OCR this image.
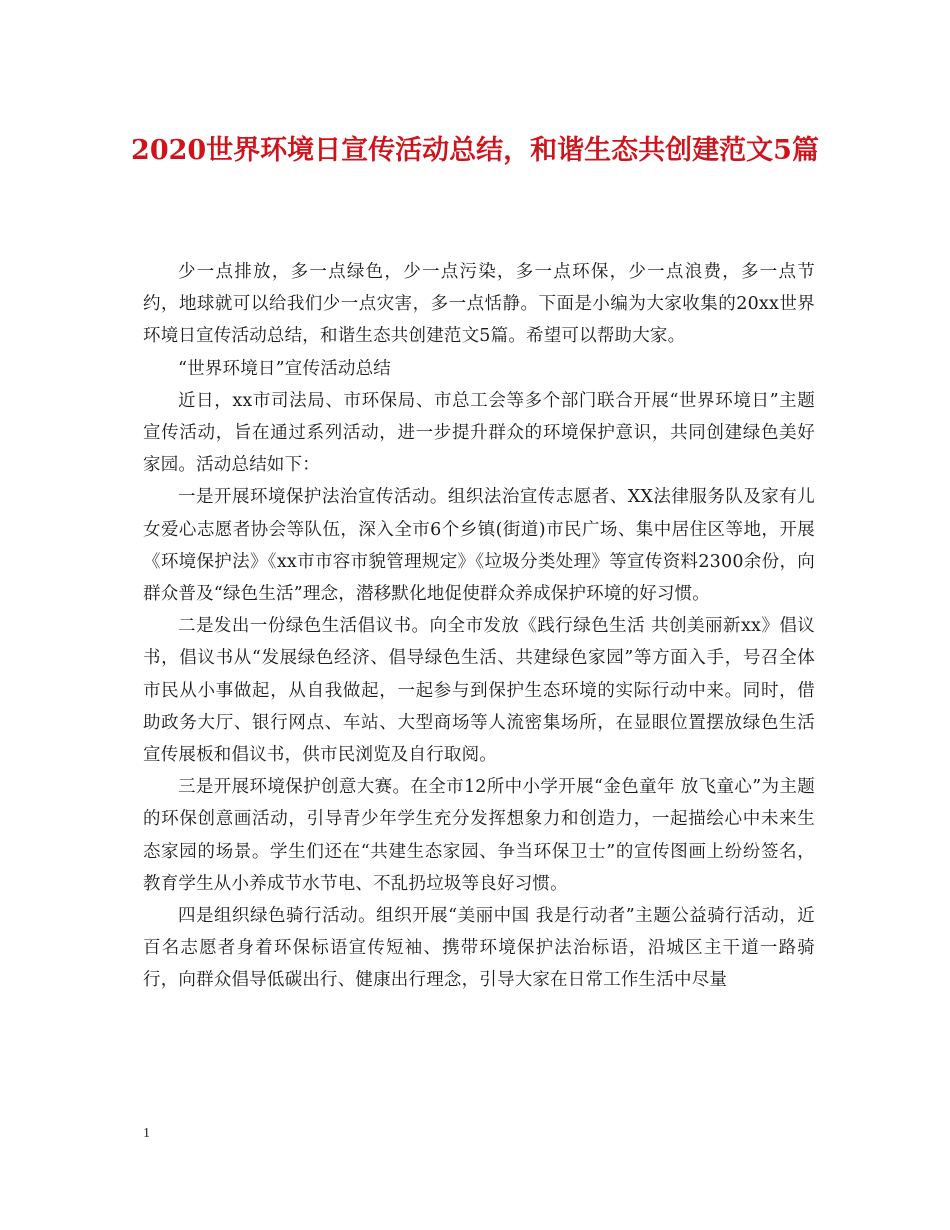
2020世界环境日宣传活动总结，和谐生态共创建范文5篇

少一点排放，多一点绿色，少一点污染，多一点环保，少一点浪费，多一点节约，地球就可以给我们少一点灾害，多一点恬静。下面是小编为大家收集的20xx世界环境日宣传活动总结，和谐生态共创建范文5篇。希望可以帮助大家。

“世界环境日”宣传活动总结

近日，xx市司法局、市环保局、市总工会等多个部门联合开展“世界环境日”主题宣传活动，旨在通过系列活动，进一步提升群众的环境保护意识，共同创建绿色美好家园。活动总结如下：

一是开展环境保护法治宣传活动。组织法治宣传志愿者、XX法律服务队及家有儿女爱心志愿者协会等队伍，深入全市6个乡镇(街道)市民广场、集中居住区等地，开展《环境保护法》《xx市市容市貌管理规定》《垃圾分类处理》等宣传资料2300余份，向群众普及“绿色生活”理念，潜移默化地促使群众养成保护环境的好习惯。

二是发出一份绿色生活倡议书。向全市发放《践行绿色生活 共创美丽新xx》倡议书，倡议书从“发展绿色经济、倡导绿色生活、共建绿色家园”等方面入手，号召全体市民从小事做起，从自我做起，一起参与到保护生态环境的实际行动中来。同时，借助政务大厅、银行网点、车站、大型商场等人流密集场所，在显眼位置摆放绿色生活宣传展板和倡议书，供市民浏览及自行取阅。

三是开展环境保护创意大赛。在全市12所中小学开展“金色童年 放飞童心”为主题的环保创意画活动，引导青少年学生充分发挥想象力和创造力，一起描绘心中未来生态家园的场景。学生们还在“共建生态家园、争当环保卫士”的宣传图画上纷纷签名，教育学生从小养成节水节电、不乱扔垃圾等良好习惯。

四是组织绿色骑行活动。组织开展“美丽中国 我是行动者”主题公益骑行活动，近百名志愿者身着环保标语宣传短袖、携带环境保护法治标语，沿城区主干道一路骑行，向群众倡导低碳出行、健康出行理念，引导大家在日常工作生活中尽量

1
